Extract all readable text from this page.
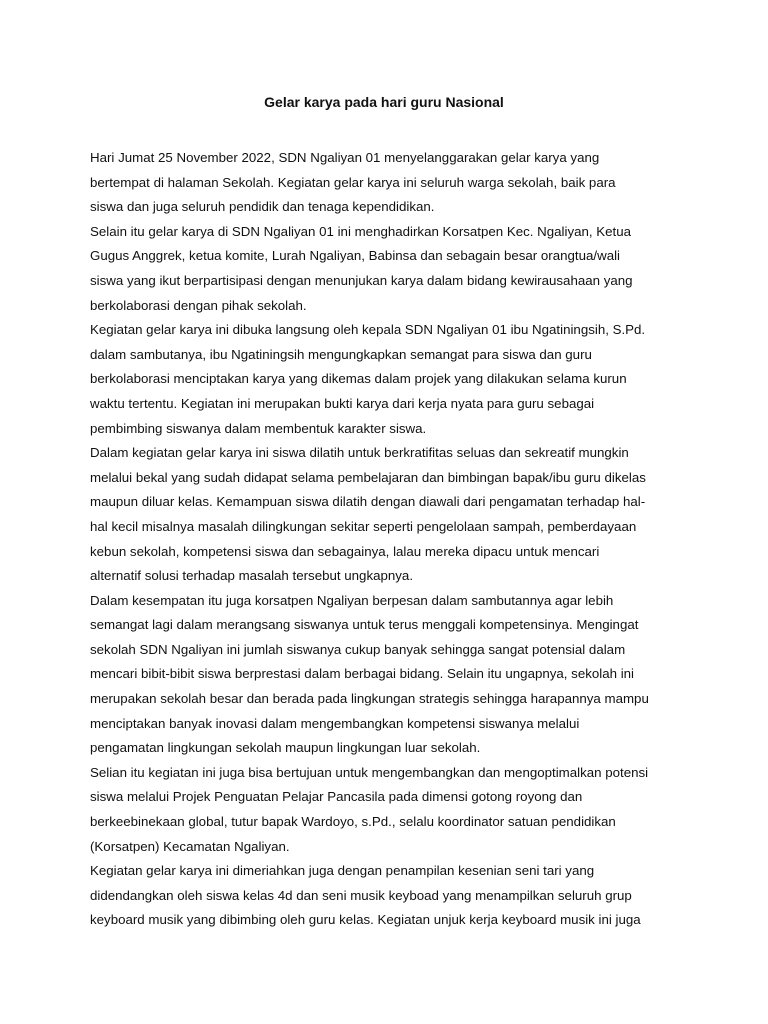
Gelar karya pada hari guru Nasional
Hari Jumat 25 November 2022, SDN Ngaliyan 01 menyelanggarakan gelar karya yang
bertempat di halaman Sekolah. Kegiatan gelar karya ini seluruh warga sekolah, baik para
siswa dan juga seluruh pendidik dan tenaga kependidikan.
Selain itu gelar karya di SDN Ngaliyan 01 ini menghadirkan Korsatpen Kec. Ngaliyan, Ketua
Gugus Anggrek, ketua komite, Lurah Ngaliyan, Babinsa dan sebagain besar orangtua/wali
siswa yang ikut berpartisipasi dengan menunjukan karya dalam bidang kewirausahaan yang
berkolaborasi dengan pihak sekolah.
Kegiatan gelar karya ini dibuka langsung oleh kepala SDN Ngaliyan 01 ibu Ngatiningsih, S.Pd.
dalam sambutanya, ibu Ngatiningsih mengungkapkan semangat para siswa dan guru
berkolaborasi menciptakan karya yang dikemas dalam projek yang dilakukan selama kurun
waktu tertentu. Kegiatan ini merupakan bukti karya dari kerja nyata para guru sebagai
pembimbing siswanya dalam membentuk karakter siswa.
Dalam kegiatan gelar karya ini siswa dilatih untuk berkratifitas seluas dan sekreatif mungkin
melalui bekal yang sudah didapat selama pembelajaran dan bimbingan bapak/ibu guru dikelas
maupun diluar kelas. Kemampuan siswa dilatih dengan diawali dari pengamatan terhadap hal-
hal kecil misalnya masalah dilingkungan sekitar seperti pengelolaan sampah, pemberdayaan
kebun sekolah, kompetensi siswa dan sebagainya, lalau mereka dipacu untuk mencari
alternatif solusi terhadap masalah tersebut ungkapnya.
Dalam kesempatan itu juga korsatpen Ngaliyan berpesan dalam sambutannya agar lebih
semangat lagi dalam merangsang siswanya untuk terus menggali kompetensinya. Mengingat
sekolah SDN Ngaliyan ini jumlah siswanya cukup banyak sehingga sangat potensial dalam
mencari bibit-bibit siswa berprestasi dalam berbagai bidang. Selain itu ungapnya, sekolah ini
merupakan sekolah besar dan berada pada lingkungan strategis sehingga harapannya mampu
menciptakan banyak inovasi dalam mengembangkan kompetensi siswanya melalui
pengamatan lingkungan sekolah maupun lingkungan luar sekolah.
Selian itu kegiatan ini juga bisa bertujuan untuk mengembangkan dan mengoptimalkan potensi
siswa melalui Projek Penguatan Pelajar Pancasila pada dimensi gotong royong dan
berkeebinekaan global, tutur bapak Wardoyo, s.Pd., selalu koordinator satuan pendidikan
(Korsatpen) Kecamatan Ngaliyan.
Kegiatan gelar karya ini dimeriahkan juga dengan penampilan kesenian seni tari yang
didendangkan oleh siswa kelas 4d dan seni musik keyboad yang menampilkan seluruh grup
keyboard musik yang dibimbing oleh guru kelas. Kegiatan unjuk kerja keyboard musik ini juga
